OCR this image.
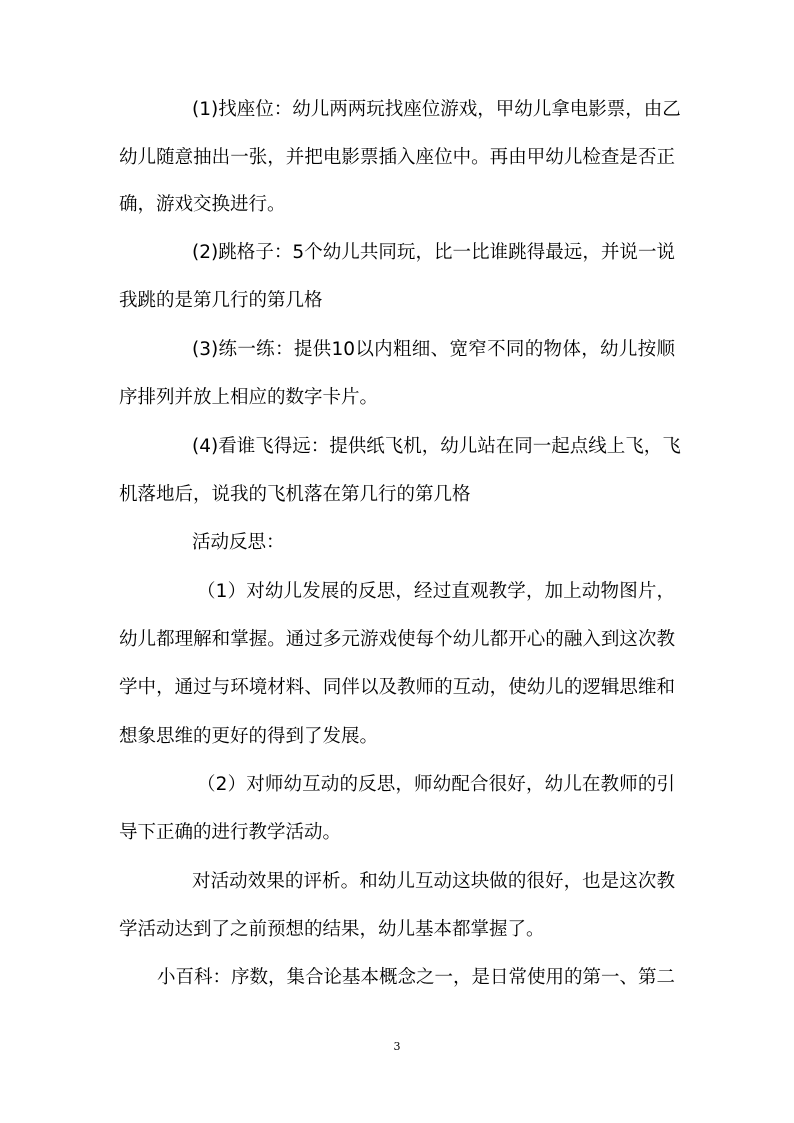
(1)找座位：幼儿两两玩找座位游戏，甲幼儿拿电影票，由乙
幼儿随意抽出一张，并把电影票插入座位中。再由甲幼儿检查是否正
确，游戏交换进行。
(2)跳格子：5个幼儿共同玩，比一比谁跳得最远，并说一说
我跳的是第几行的第几格
(3)练一练：提供10以内粗细、宽窄不同的物体，幼儿按顺
序排列并放上相应的数字卡片。
(4)看谁飞得远：提供纸飞机，幼儿站在同一起点线上飞，飞
机落地后，说我的飞机落在第几行的第几格
活动反思：
（1）对幼儿发展的反思，经过直观教学，加上动物图片，
幼儿都理解和掌握。通过多元游戏使每个幼儿都开心的融入到这次教
学中，通过与环境材料、同伴以及教师的互动，使幼儿的逻辑思维和
想象思维的更好的得到了发展。
（2）对师幼互动的反思，师幼配合很好，幼儿在教师的引
导下正确的进行教学活动。
对活动效果的评析。和幼儿互动这块做的很好，也是这次教
学活动达到了之前预想的结果，幼儿基本都掌握了。
小百科：序数，集合论基本概念之一，是日常使用的第一、第二
3
